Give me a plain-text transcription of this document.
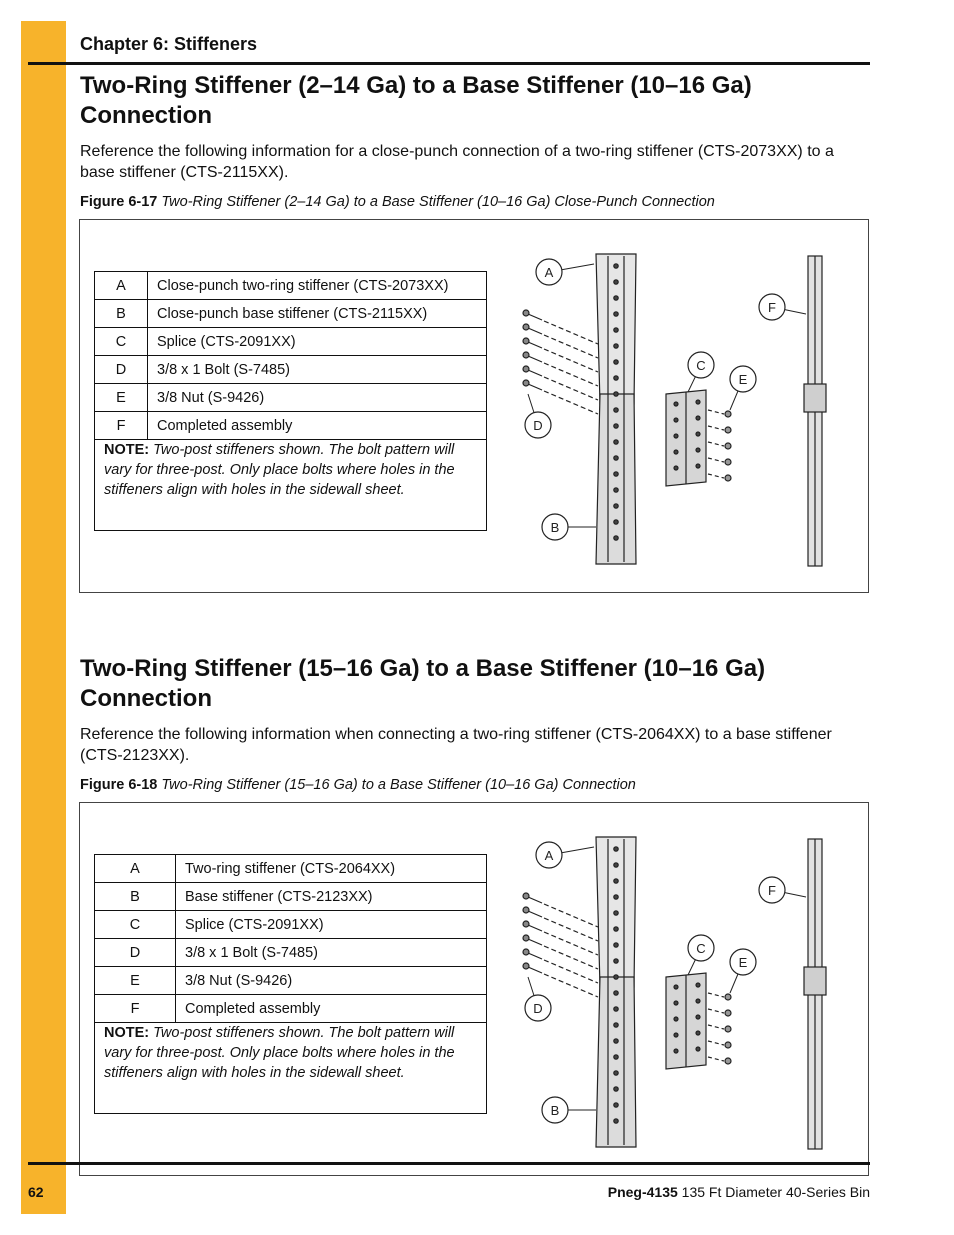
Chapter 6: Stiffeners
Two-Ring Stiffener (2–14 Ga) to a Base Stiffener (10–16 Ga)
Connection

Reference the following information for a close-punch connection of a two-ring stiffener (CTS-2073XX) to a base stiffener (CTS-2115XX).

Figure 6-17 Two-Ring Stiffener (2–14 Ga) to a Base Stiffener (10–16 Ga) Close-Punch Connection

A	Close-punch two-ring stiffener (CTS-2073XX)
B	Close-punch base stiffener (CTS-2115XX)
C	Splice (CTS-2091XX)
D	3/8 x 1 Bolt (S-7485)
E	3/8 Nut (S-9426)
F	Completed assembly
NOTE: Two-post stiffeners shown. The bolt pattern will vary for three-post. Only place bolts where holes in the stiffeners align with holes in the sidewall sheet.	
A
B
C
D
E
F
Two-Ring Stiffener (15–16 Ga) to a Base Stiffener (10–16 Ga)
Connection

Reference the following information when connecting a two-ring stiffener (CTS-2064XX) to a base stiffener (CTS-2123XX).

Figure 6-18 Two-Ring Stiffener (15–16 Ga) to a Base Stiffener (10–16 Ga) Connection

A	Two-ring stiffener (CTS-2064XX)
B	Base stiffener (CTS-2123XX)
C	Splice (CTS-2091XX)
D	3/8 x 1 Bolt (S-7485)
E	3/8 Nut (S-9426)
F	Completed assembly
NOTE: Two-post stiffeners shown. The bolt pattern will vary for three-post. Only place bolts where holes in the stiffeners align with holes in the sidewall sheet.	
A
B
C
D
E
F
62	Pneg-4135 135 Ft Diameter 40-Series Bin
